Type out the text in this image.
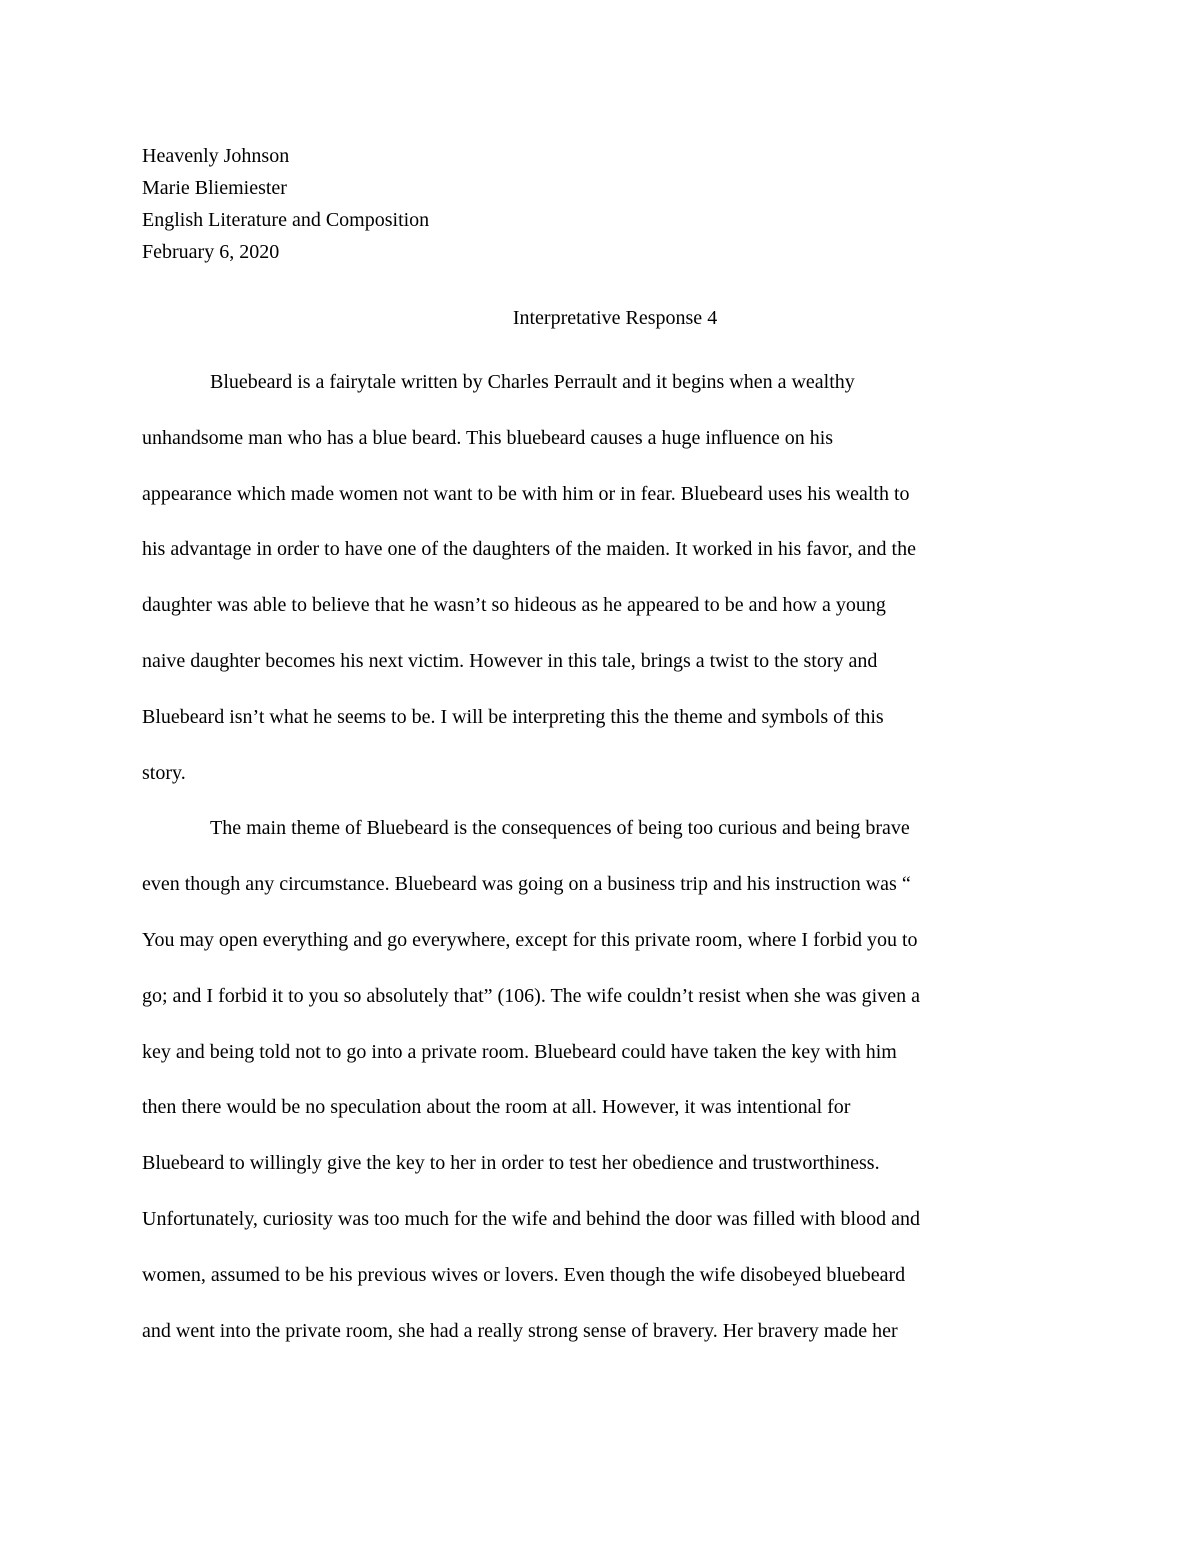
Heavenly Johnson
Marie Bliemiester
English Literature and Composition
February 6, 2020
Interpretative Response 4
Bluebeard is a fairytale written by Charles Perrault and it begins when a wealthy
unhandsome man who has a blue beard. This bluebeard causes a huge influence on his
appearance which made women not want to be with him or in fear. Bluebeard uses his wealth to
his advantage in order to have one of the daughters of the maiden. It worked in his favor, and the
daughter was able to believe that he wasn’t so hideous as he appeared to be and how a young
naive daughter becomes his next victim. However in this tale, brings a twist to the story and
Bluebeard isn’t what he seems to be. I will be interpreting this the theme and symbols of this
story.
The main theme of Bluebeard is the consequences of being too curious and being brave
even though any circumstance. Bluebeard was going on a business trip and his instruction was “
You may open everything and go everywhere, except for this private room, where I forbid you to
go; and I forbid it to you so absolutely that” (106). The wife couldn’t resist when she was given a
key and being told not to go into a private room. Bluebeard could have taken the key with him
then there would be no speculation about the room at all. However, it was intentional for
Bluebeard to willingly give the key to her in order to test her obedience and trustworthiness.
Unfortunately, curiosity was too much for the wife and behind the door was filled with blood and
women, assumed to be his previous wives or lovers. Even though the wife disobeyed bluebeard
and went into the private room, she had a really strong sense of bravery. Her bravery made her
